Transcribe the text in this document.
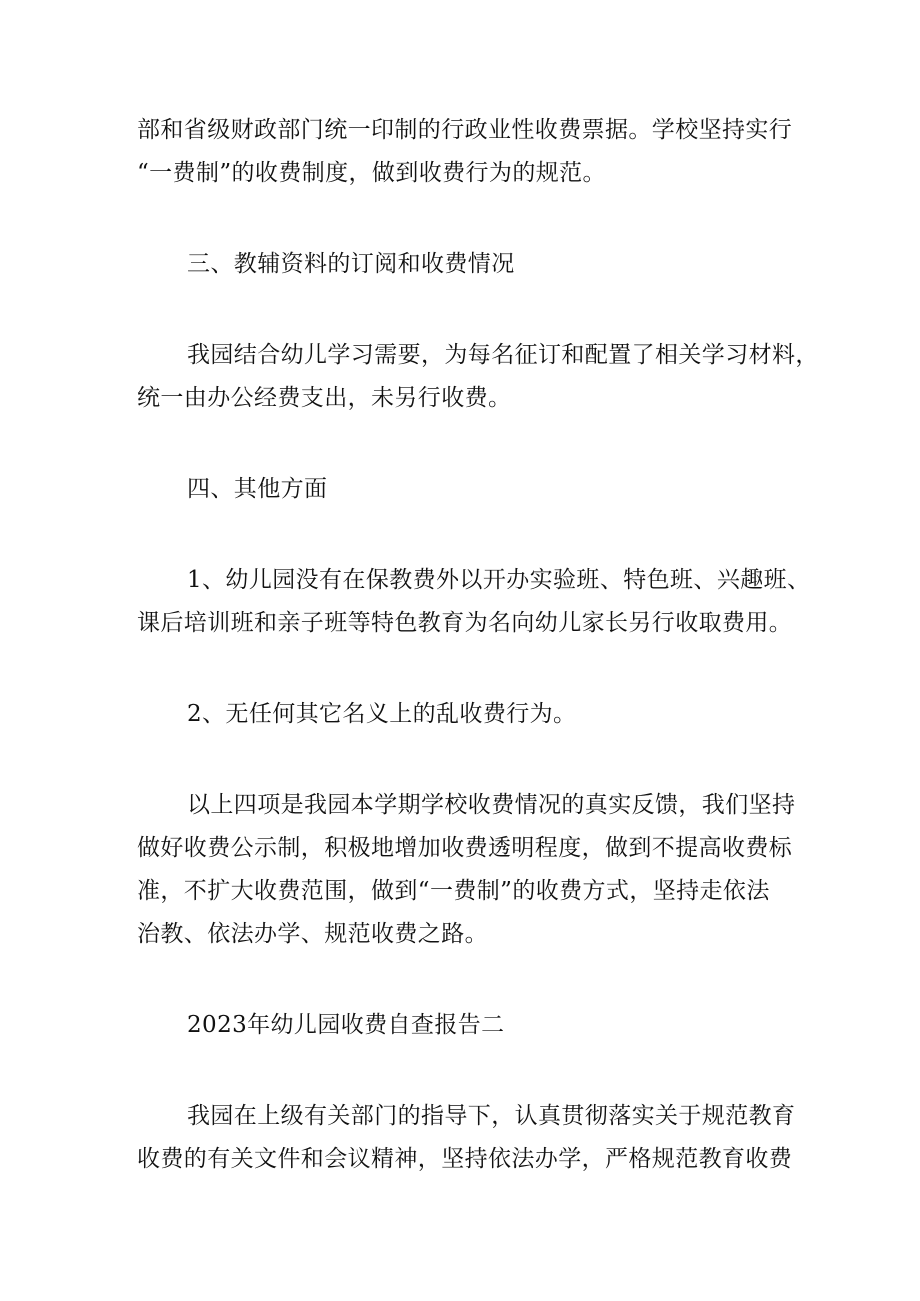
部和省级财政部门统一印制的行政业性收费票据。学校坚持实行
“一费制”的收费制度，做到收费行为的规范。

三、教辅资料的订阅和收费情况

我园结合幼儿学习需要，为每名征订和配置了相关学习材料，
统一由办公经费支出，未另行收费。

四、其他方面

1、幼儿园没有在保教费外以开办实验班、特色班、兴趣班、
课后培训班和亲子班等特色教育为名向幼儿家长另行收取费用。

2、无任何其它名义上的乱收费行为。

以上四项是我园本学期学校收费情况的真实反馈，我们坚持
做好收费公示制，积极地增加收费透明程度，做到不提高收费标
准，不扩大收费范围，做到“一费制”的收费方式，坚持走依法
治教、依法办学、规范收费之路。

2023年幼儿园收费自查报告二

我园在上级有关部门的指导下，认真贯彻落实关于规范教育
收费的有关文件和会议精神，坚持依法办学，严格规范教育收费
